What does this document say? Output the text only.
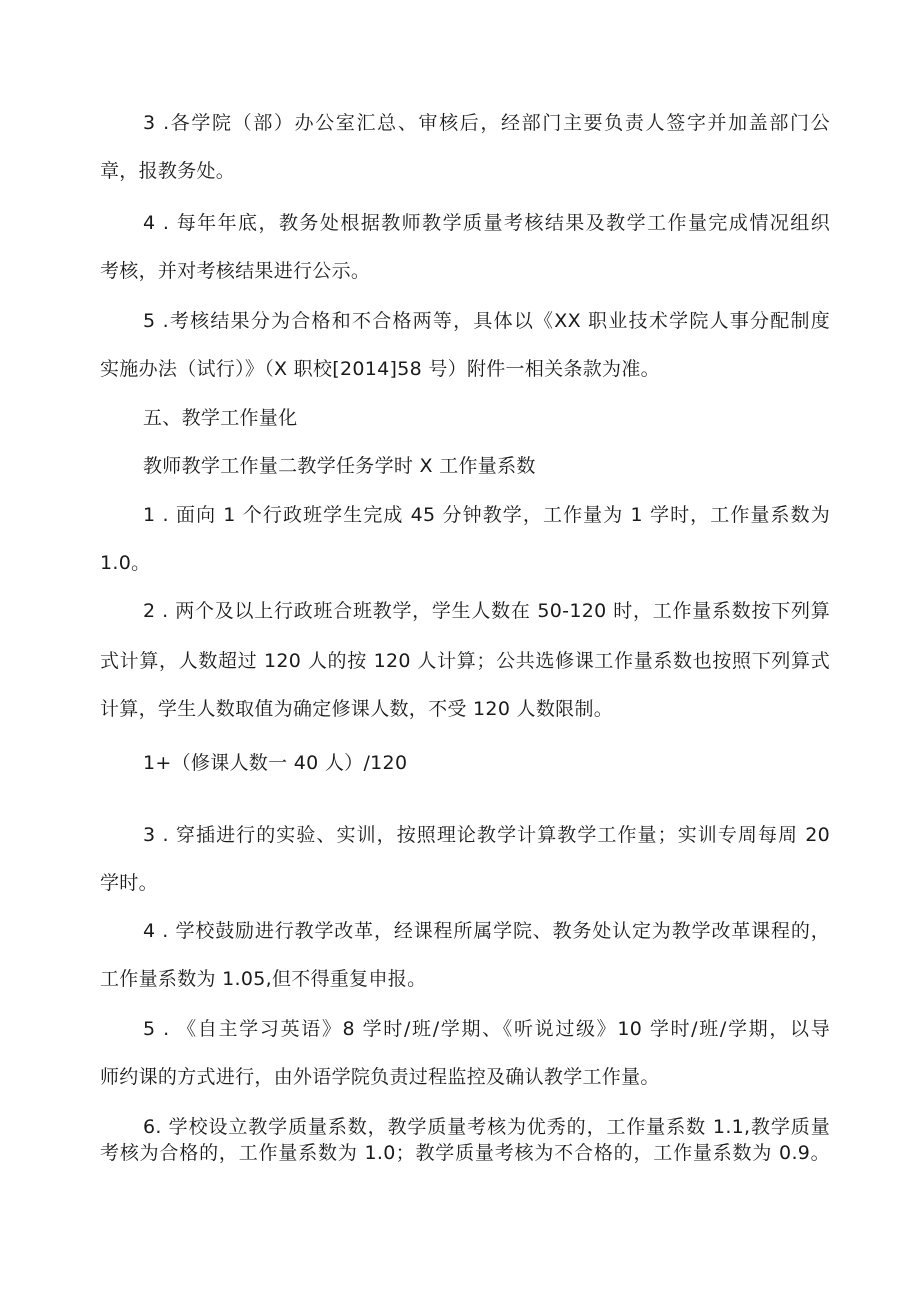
3 .各学院（部）办公室汇总、审核后，经部门主要负责人签字并加盖部门公
章，报教务处。
4 . 每年年底，教务处根据教师教学质量考核结果及教学工作量完成情况组织
考核，并对考核结果进行公示。
5 .考核结果分为合格和不合格两等，具体以《XX 职业技术学院人事分配制度
实施办法（试行）》（X 职校[2014]58 号）附件一相关条款为准。
五、教学工作量化
教师教学工作量二教学任务学时 X 工作量系数
1 . 面向 1 个行政班学生完成 45 分钟教学，工作量为 1 学时，工作量系数为
1.0。
2 . 两个及以上行政班合班教学，学生人数在 50-120 时，工作量系数按下列算
式计算，人数超过 120 人的按 120 人计算；公共选修课工作量系数也按照下列算式
计算，学生人数取值为确定修课人数，不受 120 人数限制。
1+（修课人数一 40 人）/120
3 . 穿插进行的实验、实训，按照理论教学计算教学工作量；实训专周每周 20
学时。
4 . 学校鼓励进行教学改革，经课程所属学院、教务处认定为教学改革课程的，
工作量系数为 1.05,但不得重复申报。
5 . 《自主学习英语》8 学时/班/学期、《听说过级》10 学时/班/学期，以导
师约课的方式进行，由外语学院负责过程监控及确认教学工作量。
6. 学校设立教学质量系数，教学质量考核为优秀的，工作量系数 1.1,教学质量
考核为合格的，工作量系数为 1.0；教学质量考核为不合格的，工作量系数为 0.9。
